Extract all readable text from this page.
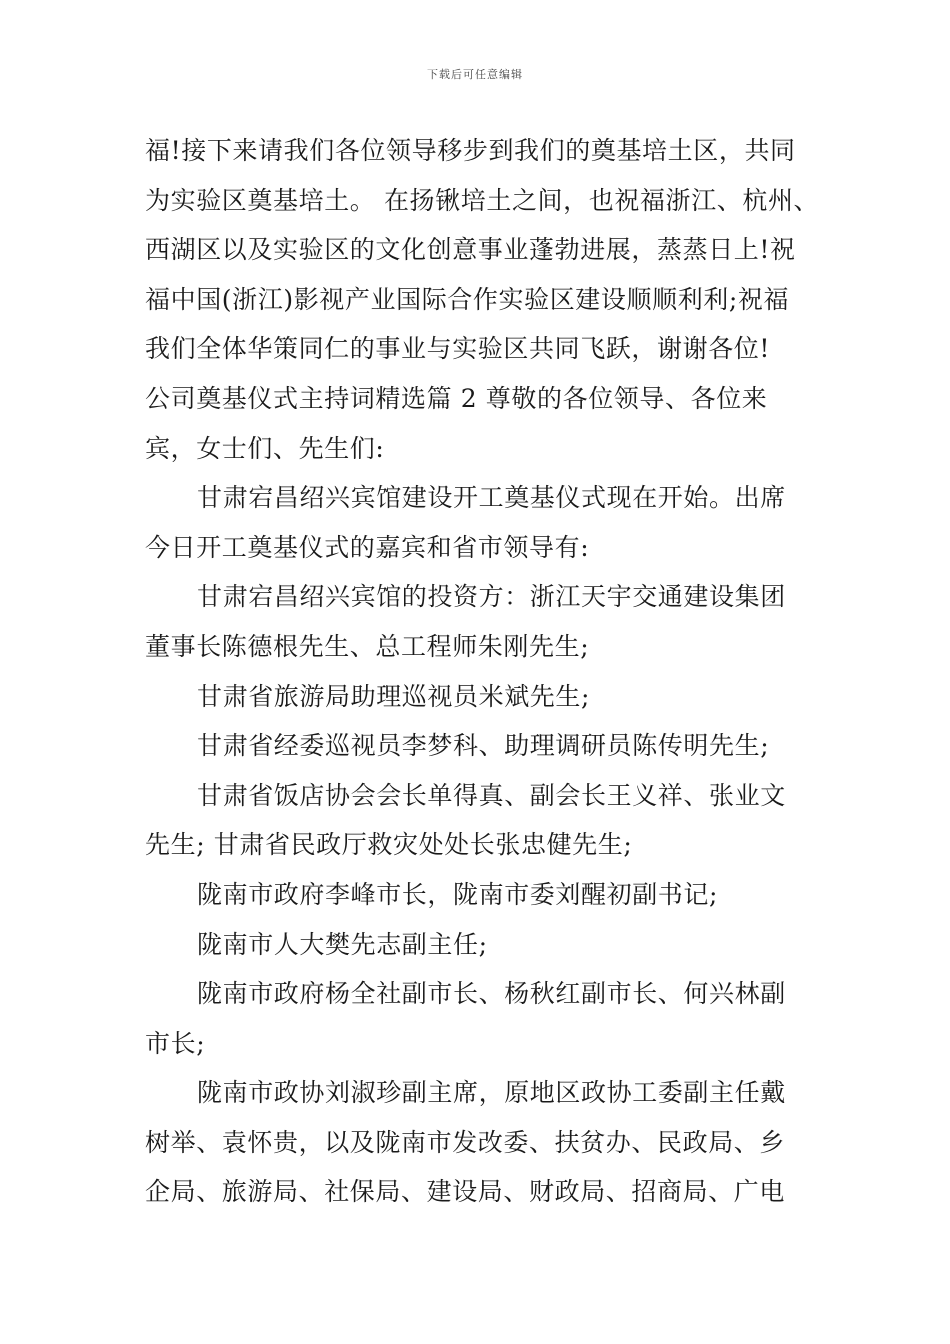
下载后可任意编辑
福!接下来请我们各位领导移步到我们的奠基培土区，共同
为实验区奠基培土。 在扬锹培土之间，也祝福浙江、杭州、
西湖区以及实验区的文化创意事业蓬勃进展，蒸蒸日上!祝
福中国(浙江)影视产业国际合作实验区建设顺顺利利;祝福
我们全体华策同仁的事业与实验区共同飞跃，谢谢各位!
公司奠基仪式主持词精选篇 2 尊敬的各位领导、各位来
宾，女士们、先生们:
甘肃宕昌绍兴宾馆建设开工奠基仪式现在开始。出席
今日开工奠基仪式的嘉宾和省市领导有:
甘肃宕昌绍兴宾馆的投资方：浙江天宇交通建设集团
董事长陈德根先生、总工程师朱刚先生;
甘肃省旅游局助理巡视员米斌先生;
甘肃省经委巡视员李梦科、助理调研员陈传明先生;
甘肃省饭店协会会长单得真、副会长王义祥、张业文
先生; 甘肃省民政厅救灾处处长张忠健先生;
陇南市政府李峰市长，陇南市委刘醒初副书记;
陇南市人大樊先志副主任;
陇南市政府杨全社副市长、杨秋红副市长、何兴林副
市长;
陇南市政协刘淑珍副主席，原地区政协工委副主任戴
树举、袁怀贵，以及陇南市发改委、扶贫办、民政局、乡
企局、旅游局、社保局、建设局、财政局、招商局、广电
